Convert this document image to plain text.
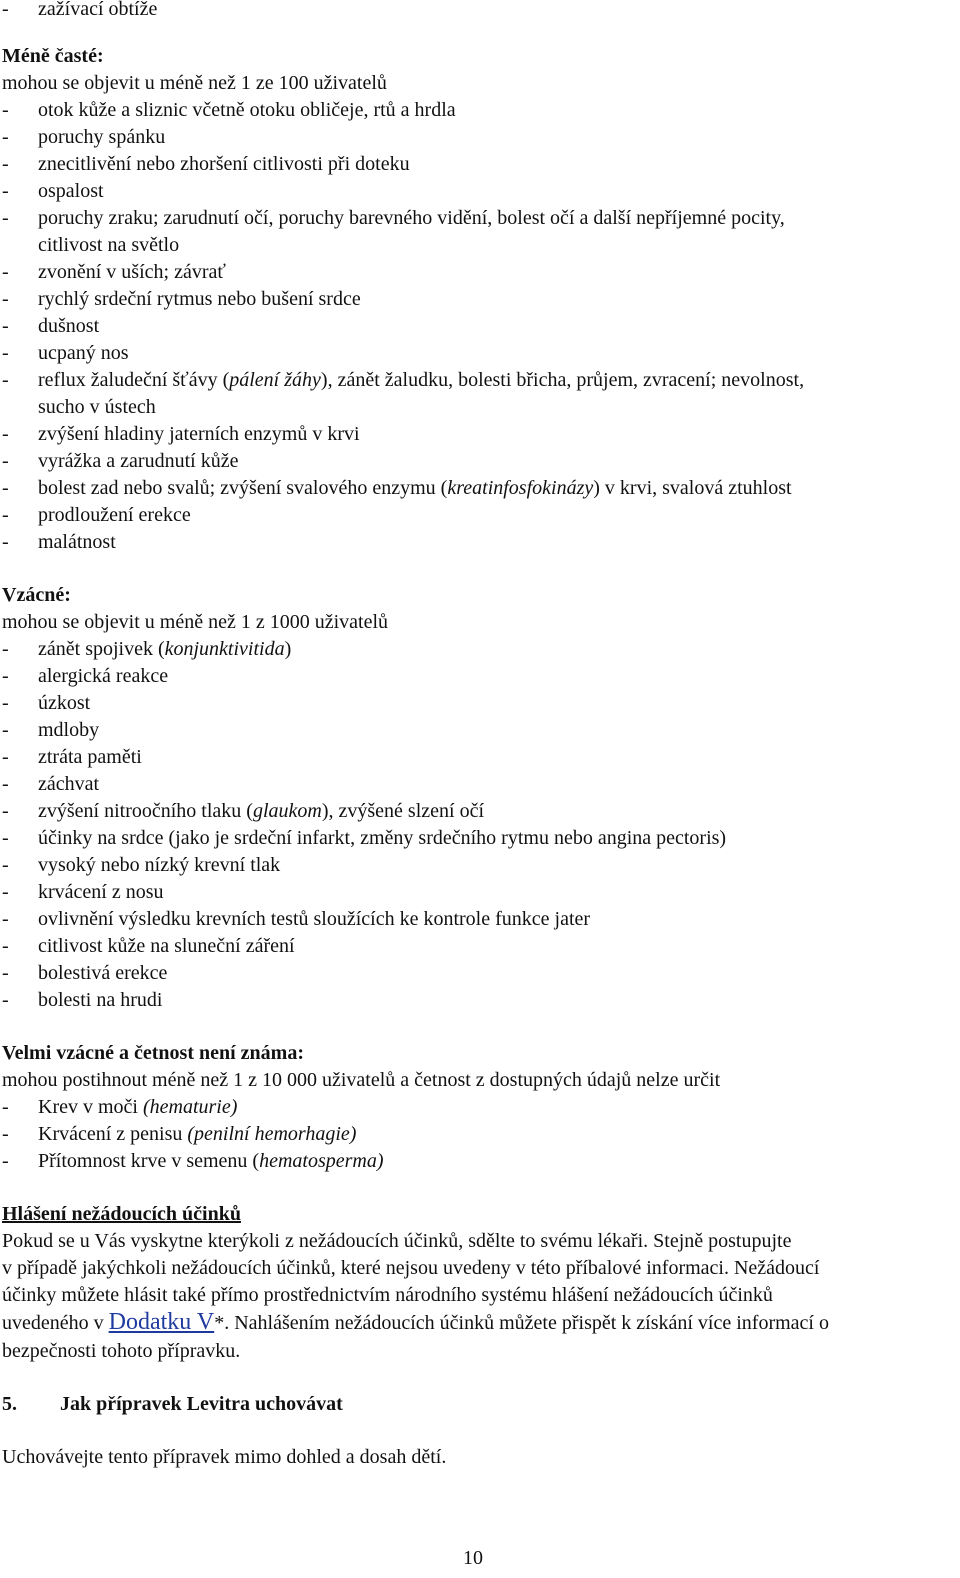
- zažívací obtíže
Méně časté:
mohou se objevit u méně než 1 ze 100 uživatelů
- otok kůže a sliznic včetně otoku obličeje, rtů a hrdla
- poruchy spánku
- znecitlivění nebo zhoršení citlivosti při doteku
- ospalost
- poruchy zraku; zarudnutí očí, poruchy barevného vidění, bolest očí a další nepříjemné pocity,
citlivost na světlo
- zvonění v uších; závrať
- rychlý srdeční rytmus nebo bušení srdce
- dušnost
- ucpaný nos
- reflux žaludeční šťávy (pálení žáhy), zánět žaludku, bolesti břicha, průjem, zvracení; nevolnost,
sucho v ústech
- zvýšení hladiny jaterních enzymů v krvi
- vyrážka a zarudnutí kůže
- bolest zad nebo svalů; zvýšení svalového enzymu (kreatinfosfokinázy) v krvi, svalová ztuhlost
- prodloužení erekce
- malátnost
Vzácné:
mohou se objevit u méně než 1 z 1000 uživatelů
- zánět spojivek (konjunktivitida)
- alergická reakce
- úzkost
- mdloby
- ztráta paměti
- záchvat
- zvýšení nitroočního tlaku (glaukom), zvýšené slzení očí
- účinky na srdce (jako je srdeční infarkt, změny srdečního rytmu nebo angina pectoris)
- vysoký nebo nízký krevní tlak
- krvácení z nosu
- ovlivnění výsledku krevních testů sloužících ke kontrole funkce jater
- citlivost kůže na sluneční záření
- bolestivá erekce
- bolesti na hrudi
Velmi vzácné a četnost není známa:
mohou postihnout méně než 1 z 10 000 uživatelů a četnost z dostupných údajů nelze určit
- Krev v moči (hematurie)
- Krvácení z penisu (penilní hemorhagie)
- Přítomnost krve v semenu (hematosperma)
Hlášení nežádoucích účinků
Pokud se u Vás vyskytne kterýkoli z nežádoucích účinků, sdělte to svému lékaři. Stejně postupujte
v případě jakýchkoli nežádoucích účinků, které nejsou uvedeny v této příbalové informaci. Nežádoucí
účinky můžete hlásit také přímo prostřednictvím národního systému hlášení nežádoucích účinků
uvedeného v Dodatku V*. Nahlášením nežádoucích účinků můžete přispět k získání více informací o
bezpečnosti tohoto přípravku.
5. Jak přípravek Levitra uchovávat
Uchovávejte tento přípravek mimo dohled a dosah dětí.
10
